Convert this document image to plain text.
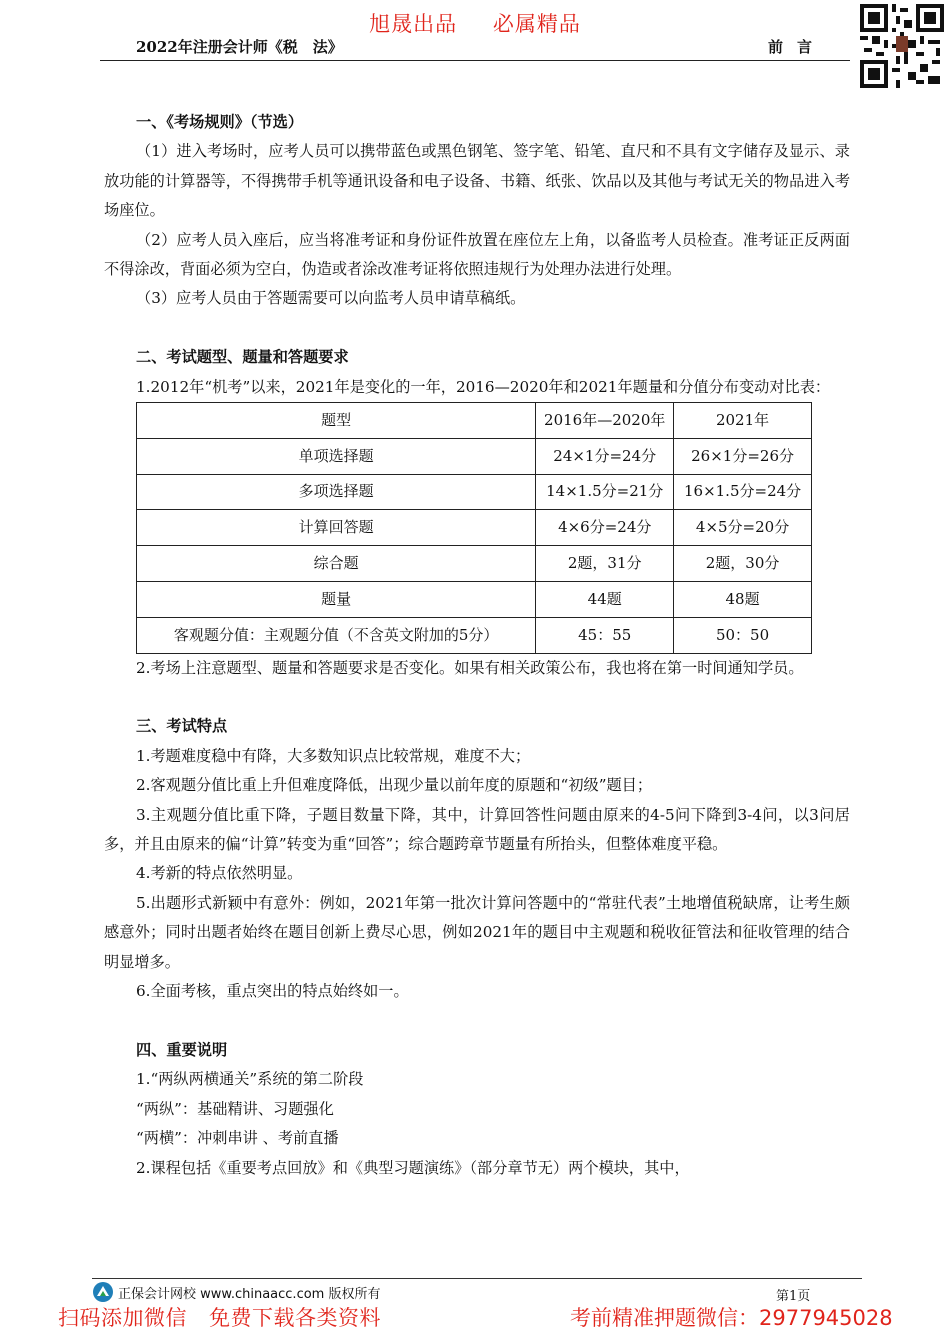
旭晟出品 必属精品
2022年注册会计师《税　法》	前言

一、《考场规则》（节选）

（1）进入考场时，应考人员可以携带蓝色或黑色钢笔、签字笔、铅笔、直尺和不具有文字储存及显示、录放功能的计算器等，不得携带手机等通讯设备和电子设备、书籍、纸张、饮品以及其他与考试无关的物品进入考场座位。

（2）应考人员入座后，应当将准考证和身份证件放置在座位左上角，以备监考人员检查。准考证正反两面不得涂改，背面必须为空白，伪造或者涂改准考证将依照违规行为处理办法进行处理。

（3）应考人员由于答题需要可以向监考人员申请草稿纸。

二、考试题型、题量和答题要求

1.2012年“机考”以来，2021年是变化的一年，2016—2020年和2021年题量和分值分布变动对比表：

题型	2016年—2020年	2021年
单项选择题	24×1分=24分	26×1分=26分
多项选择题	14×1.5分=21分	16×1.5分=24分
计算回答题	4×6分=24分	4×5分=20分
综合题	2题，31分	2题，30分
题量	44题	48题
客观题分值：主观题分值（不含英文附加的5分）	45：55	50：50

2.考场上注意题型、题量和答题要求是否变化。如果有相关政策公布，我也将在第一时间通知学员。

三、考试特点

1.考题难度稳中有降，大多数知识点比较常规，难度不大；

2.客观题分值比重上升但难度降低，出现少量以前年度的原题和“初级”题目；

3.主观题分值比重下降，子题目数量下降，其中，计算回答性问题由原来的4-5问下降到3-4问，以3问居多，并且由原来的偏“计算”转变为重“回答”；综合题跨章节题量有所抬头，但整体难度平稳。

4.考新的特点依然明显。

5.出题形式新颖中有意外：例如，2021年第一批次计算问答题中的“常驻代表”土地增值税缺席，让考生颇感意外；同时出题者始终在题目创新上费尽心思，例如2021年的题目中主观题和税收征管法和征收管理的结合明显增多。

6.全面考核，重点突出的特点始终如一。

四、重要说明

1.“两纵两横通关”系统的第二阶段

“两纵”：基础精讲、习题强化

“两横”：冲刺串讲 、考前直播

2.课程包括《重要考点回放》和《典型习题演练》（部分章节无）两个模块，其中，

正保会计网校 www.chinaacc.com 版权所有	第1页
扫码添加微信 免费下载各类资料	考前精准押题微信：2977945028
